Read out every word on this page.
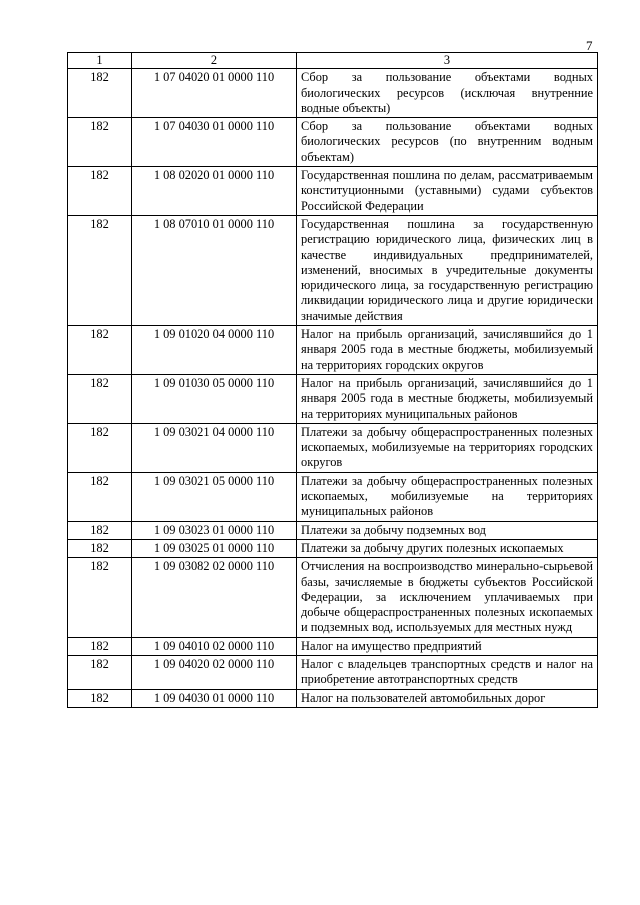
7
1	2	3
182	1 07 04020 01 0000 110	Сбор за пользование объектами водных биологических ресурсов (исключая внутренние водные объекты)
182	1 07 04030 01 0000 110	Сбор за пользование объектами водных биологических ресурсов (по внутренним водным объектам)
182	1 08 02020 01 0000 110	Государственная пошлина по делам, рассматриваемым конституционными (уставными) судами субъектов Российской Федерации
182	1 08 07010 01 0000 110	Государственная пошлина за государственную регистрацию юридического лица, физических лиц в качестве индивидуальных предпринимателей, изменений, вносимых в учредительные документы юридического лица, за государственную регистрацию ликвидации юридического лица и другие юридически значимые действия
182	1 09 01020 04 0000 110	Налог на прибыль организаций, зачислявшийся до 1 января 2005 года в местные бюджеты, мобилизуемый на территориях городских округов
182	1 09 01030 05 0000 110	Налог на прибыль организаций, зачислявшийся до 1 января 2005 года в местные бюджеты, мобилизуемый на территориях муниципальных районов
182	1 09 03021 04 0000 110	Платежи за добычу общераспространенных полезных ископаемых, мобилизуемые на территориях городских округов
182	1 09 03021 05 0000 110	Платежи за добычу общераспространенных полезных ископаемых, мобилизуемые на территориях муниципальных районов
182	1 09 03023 01 0000 110	Платежи за добычу подземных вод
182	1 09 03025 01 0000 110	Платежи за добычу других полезных ископаемых
182	1 09 03082 02 0000 110	Отчисления на воспроизводство минерально-сырьевой базы, зачисляемые в бюджеты субъектов Российской Федерации, за исключением уплачиваемых при добыче общераспространенных полезных ископаемых и подземных вод, используемых для местных нужд
182	1 09 04010 02 0000 110	Налог на имущество предприятий
182	1 09 04020 02 0000 110	Налог с владельцев транспортных средств и налог на приобретение автотранспортных средств
182	1 09 04030 01 0000 110	Налог на пользователей автомобильных дорог
